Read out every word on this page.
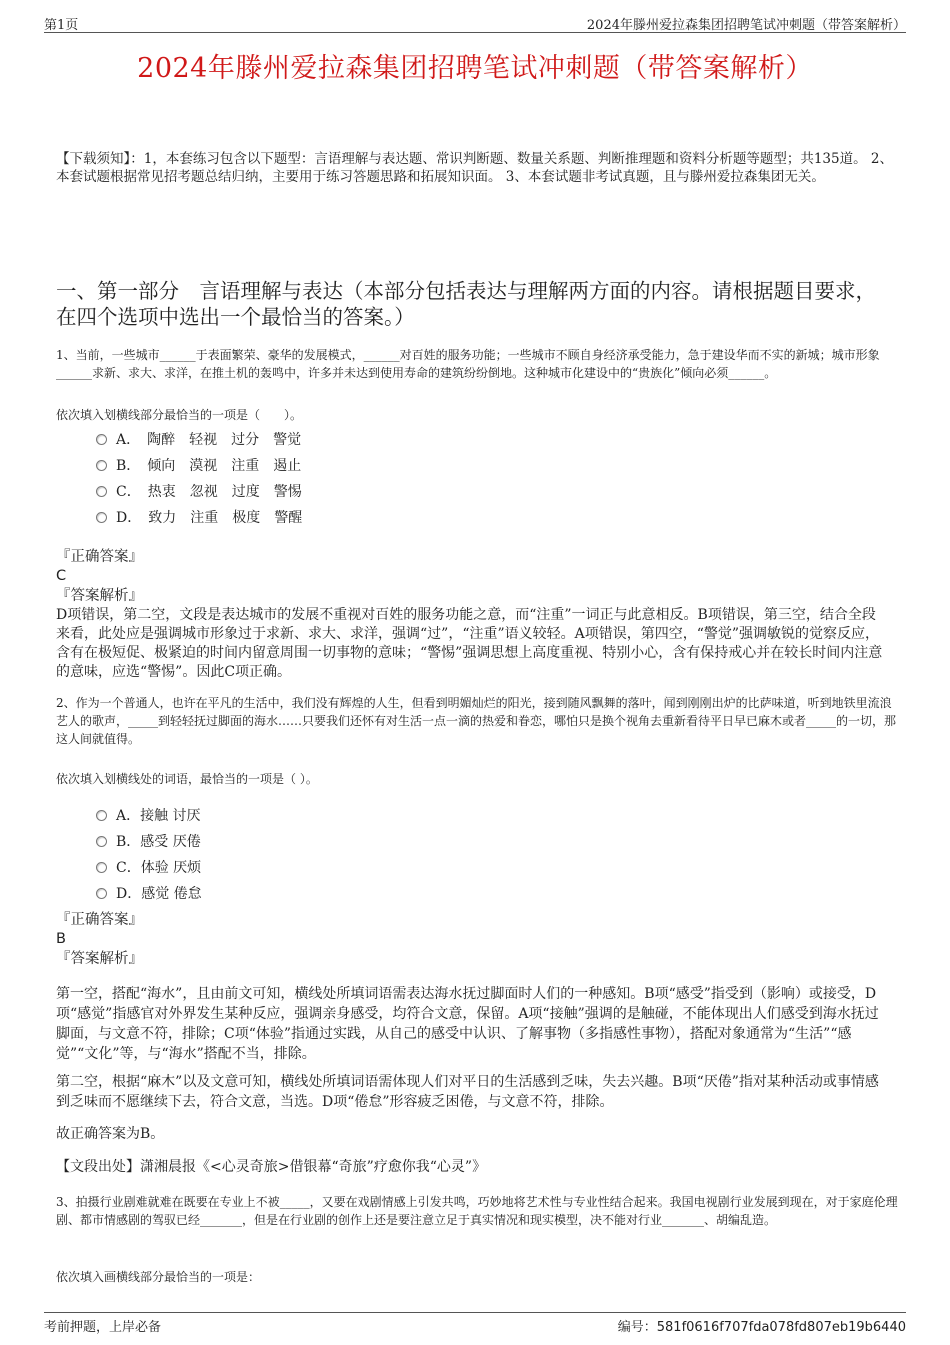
第1页	2024年滕州爱拉森集团招聘笔试冲刺题（带答案解析）
2024年滕州爱拉森集团招聘笔试冲刺题（带答案解析）
【下载须知】：1，本套练习包含以下题型：言语理解与表达题、常识判断题、数量关系题、判断推理题和资料分析题等题型；共135道。 2、本套试题根据常见招考题总结归纳，主要用于练习答题思路和拓展知识面。 3、本套试题非考试真题，且与滕州爱拉森集团无关。
一、第一部分　言语理解与表达（本部分包括表达与理解两方面的内容。请根据题目要求，在四个选项中选出一个最恰当的答案。）
1、当前，一些城市______于表面繁荣、豪华的发展模式，______对百姓的服务功能；一些城市不顾自身经济承受能力，急于建设华而不实的新城；城市形象______求新、求大、求洋，在推土机的轰鸣中，许多并未达到使用寿命的建筑纷纷倒地。这种城市化建设中的“贵族化”倾向必须______。
依次填入划横线部分最恰当的一项是（　　）。
A．　陶醉　轻视　过分　警觉
B．　倾向　漠视　注重　遏止
C．　热衷　忽视　过度　警惕
D．　致力　注重　极度　警醒
『正确答案』
C
『答案解析』
D项错误，第二空，文段是表达城市的发展不重视对百姓的服务功能之意，而“注重”一词正与此意相反。B项错误，第三空，结合全段来看，此处应是强调城市形象过于求新、求大、求洋，强调“过”，“注重”语义较轻。A项错误，第四空，“警觉”强调敏锐的觉察反应，含有在极短促、极紧迫的时间内留意周围一切事物的意味；“警惕”强调思想上高度重视、特别小心，含有保持戒心并在较长时间内注意的意味，应选“警惕”。因此C项正确。
2、作为一个普通人，也许在平凡的生活中，我们没有辉煌的人生，但看到明媚灿烂的阳光，接到随风飘舞的落叶，闻到刚刚出炉的比萨味道，听到地铁里流浪艺人的歌声，_____到轻轻抚过脚面的海水……只要我们还怀有对生活一点一滴的热爱和眷恋，哪怕只是换个视角去重新看待平日早已麻木或者_____的一切，那这人间就值得。
依次填入划横线处的词语，最恰当的一项是（ ）。
A．接触 讨厌
B．感受 厌倦
C．体验 厌烦
D．感觉 倦怠
『正确答案』
B
『答案解析』
第一空，搭配“海水”，且由前文可知，横线处所填词语需表达海水抚过脚面时人们的一种感知。B项“感受”指受到（影响）或接受，D项“感觉”指感官对外界发生某种反应，强调亲身感受，均符合文意，保留。A项“接触”强调的是触碰，不能体现出人们感受到海水抚过脚面，与文意不符，排除；C项“体验”指通过实践，从自己的感受中认识、了解事物（多指感性事物），搭配对象通常为“生活”“感觉”“文化”等，与“海水”搭配不当，排除。
第二空，根据“麻木”以及文意可知，横线处所填词语需体现人们对平日的生活感到乏味，失去兴趣。B项“厌倦”指对某种活动或事情感到乏味而不愿继续下去，符合文意，当选。D项“倦怠”形容疲乏困倦，与文意不符，排除。
故正确答案为B。
【文段出处】潇湘晨报《<心灵奇旅>借银幕“奇旅”疗愈你我“心灵”》
3、拍摄行业剧难就难在既要在专业上不被_____，又要在戏剧情感上引发共鸣，巧妙地将艺术性与专业性结合起来。我国电视剧行业发展到现在，对于家庭伦理剧、都市情感剧的驾驭已经_______，但是在行业剧的创作上还是要注意立足于真实情况和现实模型，决不能对行业_______、胡编乱造。
依次填入画横线部分最恰当的一项是：
考前押题，上岸必备	编号：581f0616f707fda078fd807eb19b6440
